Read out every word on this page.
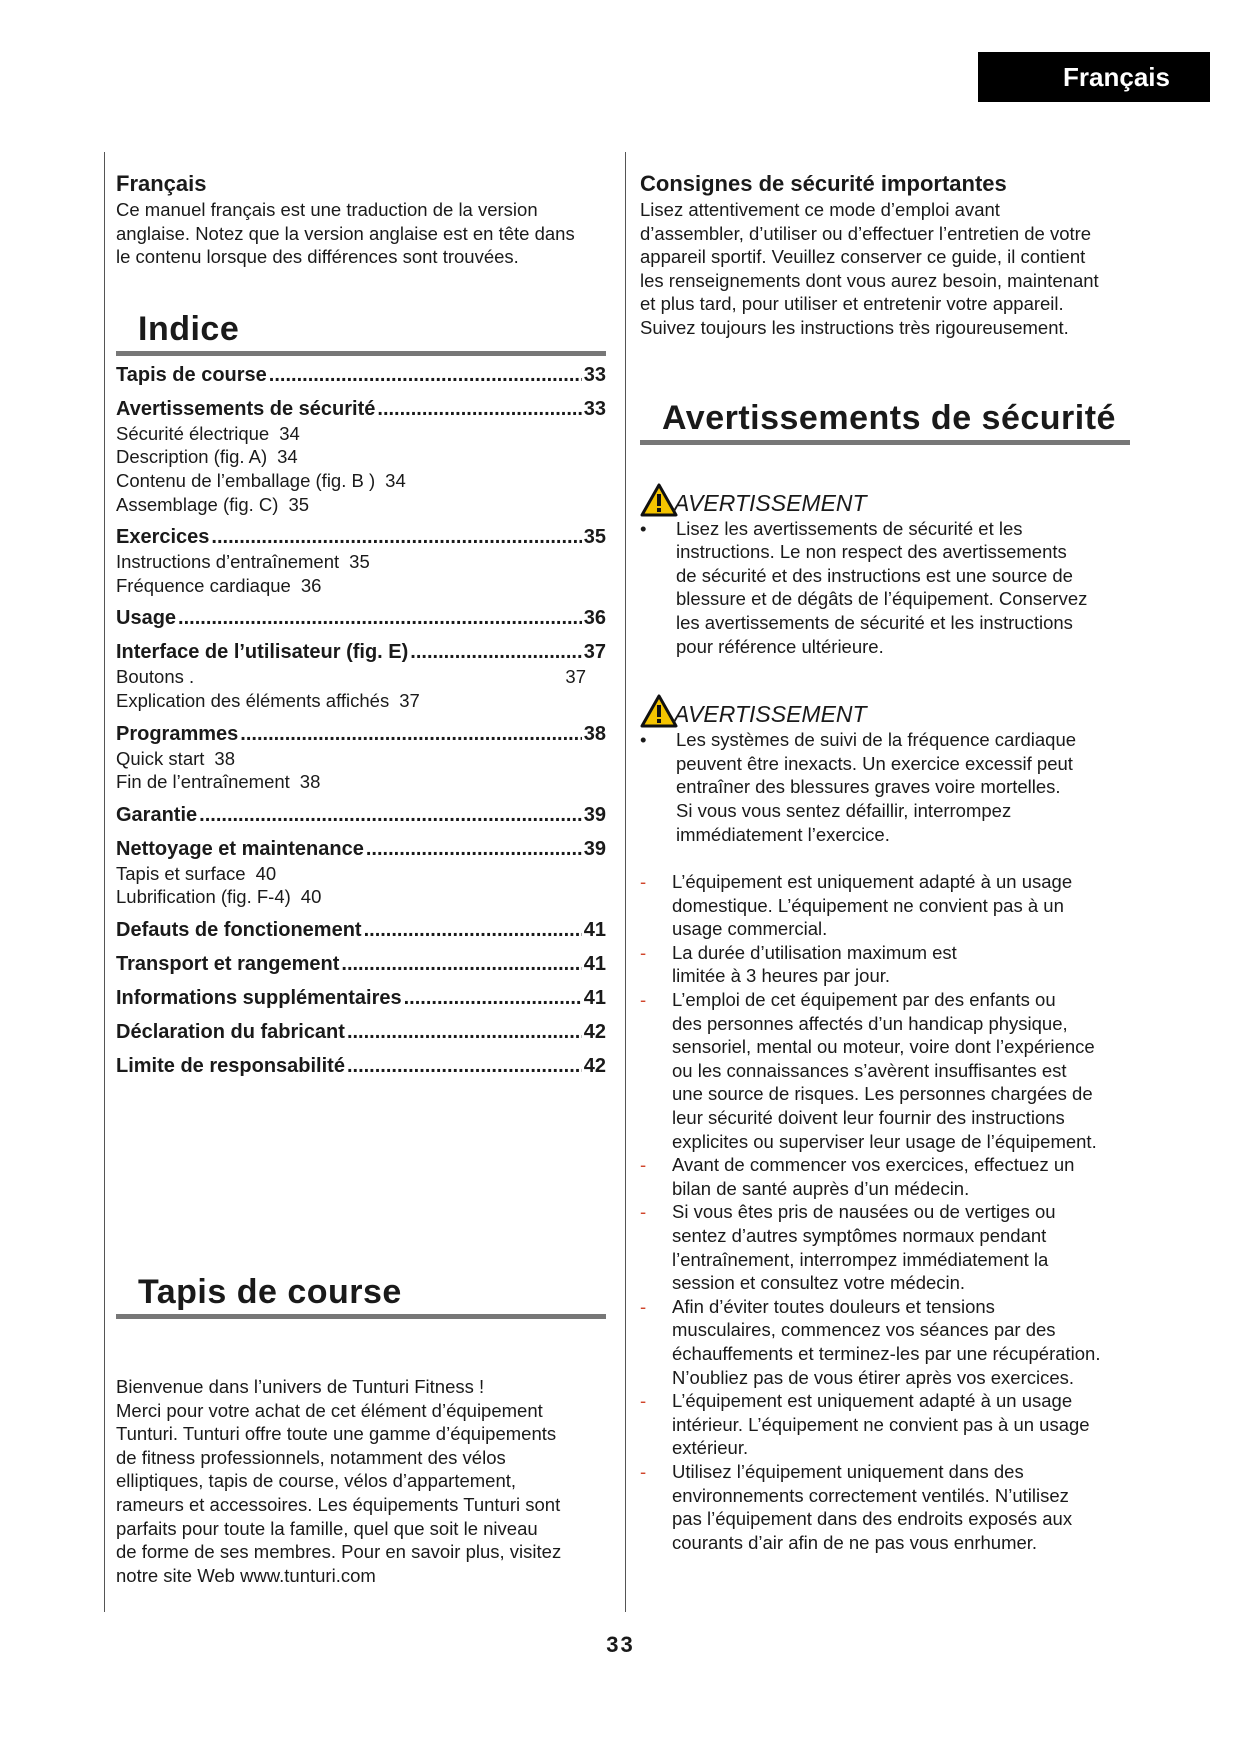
Français
Français
Ce manuel français est une traduction de la version
anglaise. Notez que la version anglaise est en tête dans
le contenu lorsque des différences sont trouvées.
Indice
Tapis de course .....	33
Avertissements de sécurité .....	33
Sécurité électrique 34
Description (fig. A) 34
Contenu de l’emballage (fig. B ) 34
Assemblage (fig. C) 35
Exercices .....	35
Instructions d’entraînement 35
Fréquence cardiaque 36
Usage .....	36
Interface de l’utilisateur (fig. E) .....	37
Boutons .	37
Explication des éléments affichés 37
Programmes .....	38
Quick start 38
Fin de l’entraînement 38
Garantie .....	39
Nettoyage et maintenance .....	39
Tapis et surface 40
Lubrification (fig. F-4) 40
Defauts de fonctionement .....	41
Transport et rangement .....	41
Informations supplémentaires .....	41
Déclaration du fabricant .....	42
Limite de responsabilité .....	42
Tapis de course
Bienvenue dans l’univers de Tunturi Fitness !
Merci pour votre achat de cet élément d’équipement
Tunturi. Tunturi offre toute une gamme d’équipements
de fitness professionnels, notamment des vélos
elliptiques, tapis de course, vélos d’appartement,
rameurs et accessoires. Les équipements Tunturi sont
parfaits pour toute la famille, quel que soit le niveau
de forme de ses membres. Pour en savoir plus, visitez
notre site Web www.tunturi.com
Consignes de sécurité importantes
Lisez attentivement ce mode d’emploi avant
d’assembler, d’utiliser ou d’effectuer l’entretien de votre
appareil sportif. Veuillez conserver ce guide, il contient
les renseignements dont vous aurez besoin, maintenant
et plus tard, pour utiliser et entretenir votre appareil.
Suivez toujours les instructions très rigoureusement.
Avertissements de sécurité
AVERTISSEMENT
• Lisez les avertissements de sécurité et les
instructions. Le non respect des avertissements
de sécurité et des instructions est une source de
blessure et de dégâts de l’équipement. Conservez
les avertissements de sécurité et les instructions
pour référence ultérieure.
AVERTISSEMENT
• Les systèmes de suivi de la fréquence cardiaque
peuvent être inexacts. Un exercice excessif peut
entraîner des blessures graves voire mortelles.
Si vous vous sentez défaillir, interrompez
immédiatement l’exercice.
- L’équipement est uniquement adapté à un usage
domestique. L’équipement ne convient pas à un
usage commercial.
- La durée d’utilisation maximum est
limitée à 3 heures par jour.
- L’emploi de cet équipement par des enfants ou
des personnes affectés d’un handicap physique,
sensoriel, mental ou moteur, voire dont l’expérience
ou les connaissances s’avèrent insuffisantes est
une source de risques. Les personnes chargées de
leur sécurité doivent leur fournir des instructions
explicites ou superviser leur usage de l’équipement.
- Avant de commencer vos exercices, effectuez un
bilan de santé auprès d’un médecin.
- Si vous êtes pris de nausées ou de vertiges ou
sentez d’autres symptômes normaux pendant
l’entraînement, interrompez immédiatement la
session et consultez votre médecin.
- Afin d’éviter toutes douleurs et tensions
musculaires, commencez vos séances par des
échauffements et terminez-les par une récupération.
N’oubliez pas de vous étirer après vos exercices.
- L’équipement est uniquement adapté à un usage
intérieur. L’équipement ne convient pas à un usage
extérieur.
- Utilisez l’équipement uniquement dans des
environnements correctement ventilés. N’utilisez
pas l’équipement dans des endroits exposés aux
courants d’air afin de ne pas vous enrhumer.
33
